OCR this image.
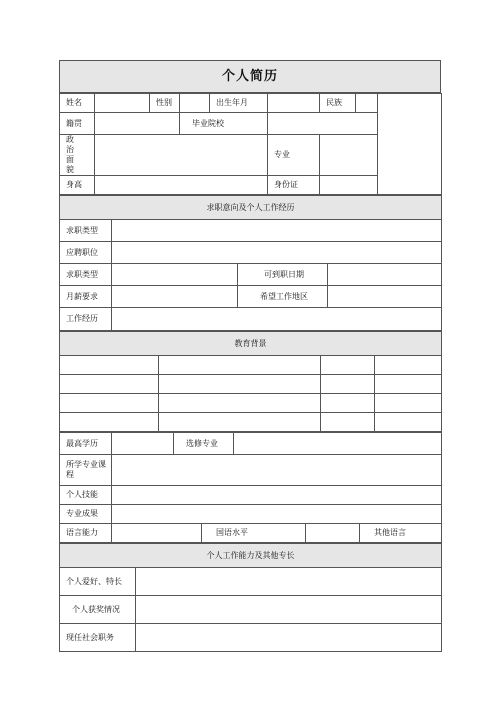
个人简历
姓名		性别		出生年月		民族		
籍贯			毕业院校					
政治面貌					专业			
身高					身份证			
求职意向及个人工作经历			
求职类型			
应聘职位			
求职类型		可到职日期	
月薪要求		希望工作地区	
工作经历			
教育背景			

最高学历		选修专业				
所学专业课　程						
个人技能						
专业成果						
语言能力			国语水平			其他语言
个人工作能力及其他专长	
个人爱好、特长	
个人获奖情况	
现任社会职务	
